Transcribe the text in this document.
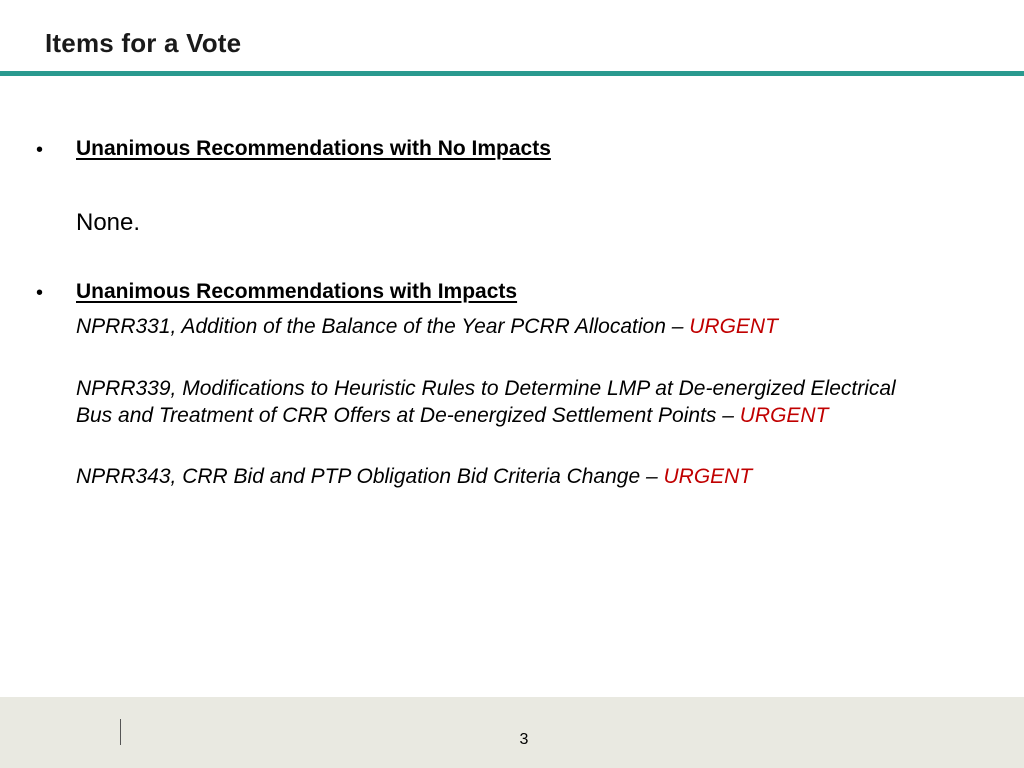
Items for a Vote
• Unanimous Recommendations with No Impacts
None.
• Unanimous Recommendations with Impacts
NPRR331, Addition of the Balance of the Year PCRR Allocation – URGENT
NPRR339, Modifications to Heuristic Rules to Determine LMP at De-energized Electrical Bus and Treatment of CRR Offers at De-energized Settlement Points – URGENT
NPRR343, CRR Bid and PTP Obligation Bid Criteria Change – URGENT
3
